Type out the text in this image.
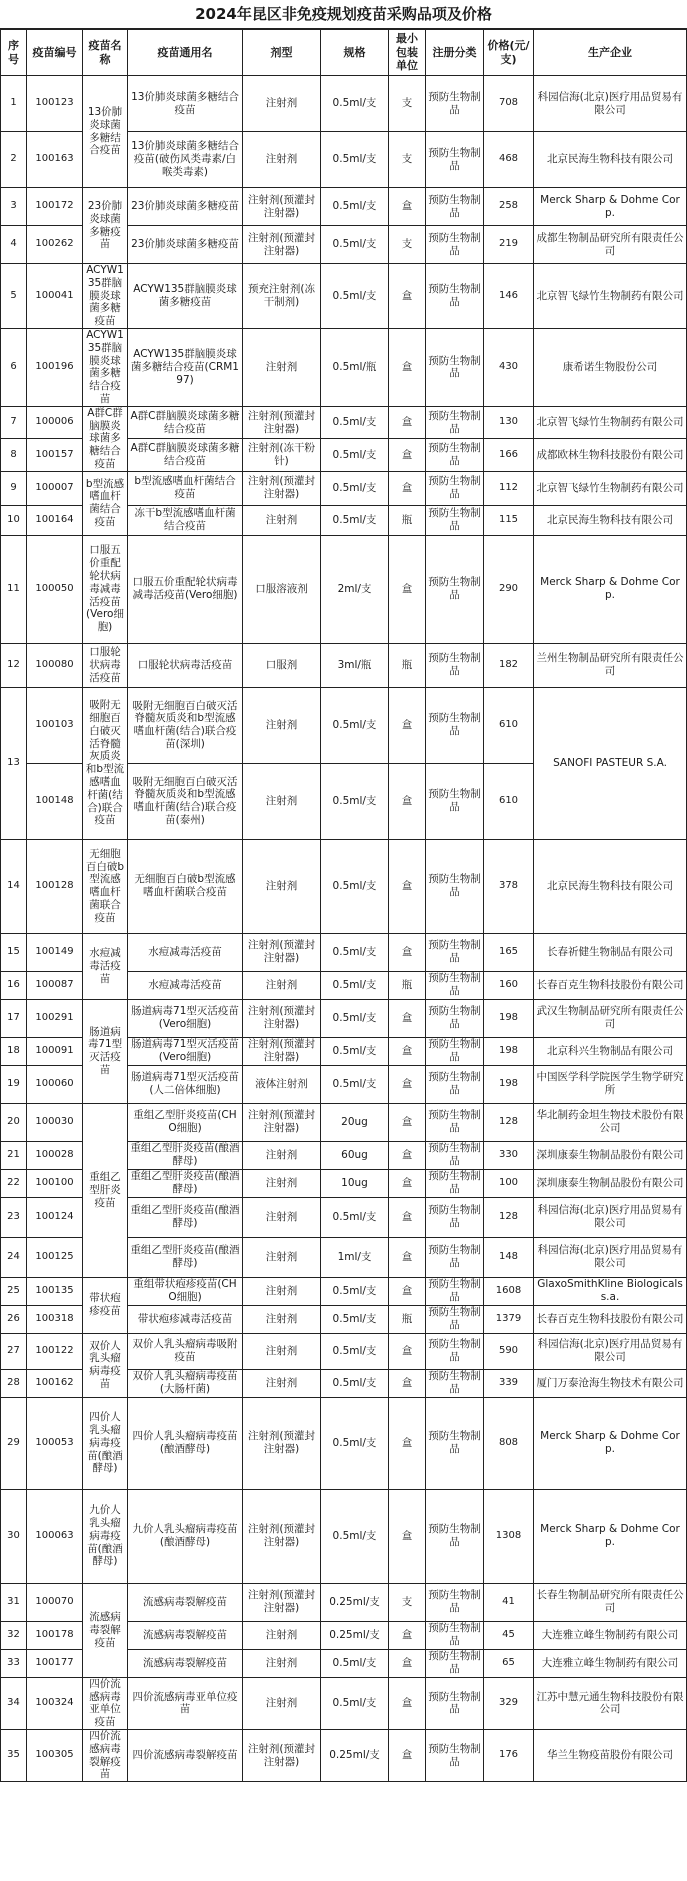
2024年昆区非免疫规划疫苗采购品项及价格
序号	疫苗编号	疫苗名称	疫苗通用名	剂型	规格	最小包装单位	注册分类	价格(元/支)	生产企业
1	100123	13价肺炎球菌多糖结合疫苗	13价肺炎球菌多糖结合疫苗	注射剂	0.5ml/支	支	预防生物制品	708	科园信海(北京)医疗用品贸易有限公司
2	100163		13价肺炎球菌多糖结合疫苗(破伤风类毒素/白喉类毒素)	注射剂	0.5ml/支	支	预防生物制品	468	北京民海生物科技有限公司
3	100172	23价肺炎球菌多糖疫苗	23价肺炎球菌多糖疫苗	注射剂(预灌封注射器)	0.5ml/支	盒	预防生物制品	258	Merck Sharp & Dohme Corp.
4	100262		23价肺炎球菌多糖疫苗	注射剂(预灌封注射器)	0.5ml/支	支	预防生物制品	219	成都生物制品研究所有限责任公司
5	100041	ACYW135群脑膜炎球菌多糖疫苗	ACYW135群脑膜炎球菌多糖疫苗	预充注射剂(冻干制剂)	0.5ml/支	盒	预防生物制品	146	北京智飞绿竹生物制药有限公司
6	100196	ACYW135群脑膜炎球菌多糖结合疫苗	ACYW135群脑膜炎球菌多糖结合疫苗(CRM197)	注射剂	0.5ml/瓶	盒	预防生物制品	430	康希诺生物股份公司
7	100006	A群C群脑膜炎球菌多糖结合疫苗	A群C群脑膜炎球菌多糖结合疫苗	注射剂(预灌封注射器)	0.5ml/支	盒	预防生物制品	130	北京智飞绿竹生物制药有限公司
8	100157		A群C群脑膜炎球菌多糖结合疫苗	注射剂(冻干粉针)	0.5ml/支	盒	预防生物制品	166	成都欧林生物科技股份有限公司
9	100007	b型流感嗜血杆菌结合疫苗	b型流感嗜血杆菌结合疫苗	注射剂(预灌封注射器)	0.5ml/支	盒	预防生物制品	112	北京智飞绿竹生物制药有限公司
10	100164		冻干b型流感嗜血杆菌结合疫苗	注射剂	0.5ml/支	瓶	预防生物制品	115	北京民海生物科技有限公司
11	100050	口服五价重配轮状病毒减毒活疫苗(Vero细胞)	口服五价重配轮状病毒减毒活疫苗(Vero细胞)	口服溶液剂	2ml/支	盒	预防生物制品	290	Merck Sharp & Dohme Corp.
12	100080	口服轮状病毒活疫苗	口服轮状病毒活疫苗	口服剂	3ml/瓶	瓶	预防生物制品	182	兰州生物制品研究所有限责任公司
13	100103	吸附无细胞百白破灭活脊髓灰质炎和b型流感嗜血杆菌(结合)联合疫苗	吸附无细胞百白破灭活脊髓灰质炎和b型流感嗜血杆菌(结合)联合疫苗(深圳)	注射剂	0.5ml/支	盒	预防生物制品	610	SANOFI PASTEUR S.A.
	100148		吸附无细胞百白破灭活脊髓灰质炎和b型流感嗜血杆菌(结合)联合疫苗(泰州)	注射剂	0.5ml/支	盒	预防生物制品	610	
14	100128	无细胞百白破b型流感嗜血杆菌联合疫苗	无细胞百白破b型流感嗜血杆菌联合疫苗	注射剂	0.5ml/支	盒	预防生物制品	378	北京民海生物科技有限公司
15	100149	水痘减毒活疫苗	水痘减毒活疫苗	注射剂(预灌封注射器)	0.5ml/支	盒	预防生物制品	165	长春祈健生物制品有限公司
16	100087		水痘减毒活疫苗	注射剂	0.5ml/支	瓶	预防生物制品	160	长春百克生物科技股份有限公司
17	100291	肠道病毒71型灭活疫苗	肠道病毒71型灭活疫苗(Vero细胞)	注射剂(预灌封注射器)	0.5ml/支	盒	预防生物制品	198	武汉生物制品研究所有限责任公司
18	100091		肠道病毒71型灭活疫苗(Vero细胞)	注射剂(预灌封注射器)	0.5ml/支	盒	预防生物制品	198	北京科兴生物制品有限公司
19	100060		肠道病毒71型灭活疫苗(人二倍体细胞)	液体注射剂	0.5ml/支	盒	预防生物制品	198	中国医学科学院医学生物学研究所
20	100030	重组乙型肝炎疫苗	重组乙型肝炎疫苗(CHO细胞)	注射剂(预灌封注射器)	20ug	盒	预防生物制品	128	华北制药金坦生物技术股份有限公司
21	100028		重组乙型肝炎疫苗(酿酒酵母)	注射剂	60ug	盒	预防生物制品	330	深圳康泰生物制品股份有限公司
22	100100		重组乙型肝炎疫苗(酿酒酵母)	注射剂	10ug	盒	预防生物制品	100	深圳康泰生物制品股份有限公司
23	100124		重组乙型肝炎疫苗(酿酒酵母)	注射剂	0.5ml/支	盒	预防生物制品	128	科园信海(北京)医疗用品贸易有限公司
24	100125		重组乙型肝炎疫苗(酿酒酵母)	注射剂	1ml/支	盒	预防生物制品	148	科园信海(北京)医疗用品贸易有限公司
25	100135	带状疱疹疫苗	重组带状疱疹疫苗(CHO细胞)	注射剂	0.5ml/支	盒	预防生物制品	1608	GlaxoSmithKline Biologicals s.a.
26	100318		带状疱疹减毒活疫苗	注射剂	0.5ml/支	瓶	预防生物制品	1379	长春百克生物科技股份有限公司
27	100122	双价人乳头瘤病毒疫苗	双价人乳头瘤病毒吸附疫苗	注射剂	0.5ml/支	盒	预防生物制品	590	科园信海(北京)医疗用品贸易有限公司
28	100162		双价人乳头瘤病毒疫苗(大肠杆菌)	注射剂	0.5ml/支	盒	预防生物制品	339	厦门万泰沧海生物技术有限公司
29	100053	四价人乳头瘤病毒疫苗(酿酒酵母)	四价人乳头瘤病毒疫苗(酿酒酵母)	注射剂(预灌封注射器)	0.5ml/支	盒	预防生物制品	808	Merck Sharp & Dohme Corp.
30	100063	九价人乳头瘤病毒疫苗(酿酒酵母)	九价人乳头瘤病毒疫苗(酿酒酵母)	注射剂(预灌封注射器)	0.5ml/支	盒	预防生物制品	1308	Merck Sharp & Dohme Corp.
31	100070	流感病毒裂解疫苗	流感病毒裂解疫苗	注射剂(预灌封注射器)	0.25ml/支	支	预防生物制品	41	长春生物制品研究所有限责任公司
32	100178		流感病毒裂解疫苗	注射剂	0.25ml/支	盒	预防生物制品	45	大连雅立峰生物制药有限公司
33	100177		流感病毒裂解疫苗	注射剂	0.5ml/支	盒	预防生物制品	65	大连雅立峰生物制药有限公司
34	100324	四价流感病毒亚单位疫苗	四价流感病毒亚单位疫苗	注射剂	0.5ml/支	盒	预防生物制品	329	江苏中慧元通生物科技股份有限公司
35	100305	四价流感病毒裂解疫苗	四价流感病毒裂解疫苗	注射剂(预灌封注射器)	0.25ml/支	盒	预防生物制品	176	华兰生物疫苗股份有限公司
